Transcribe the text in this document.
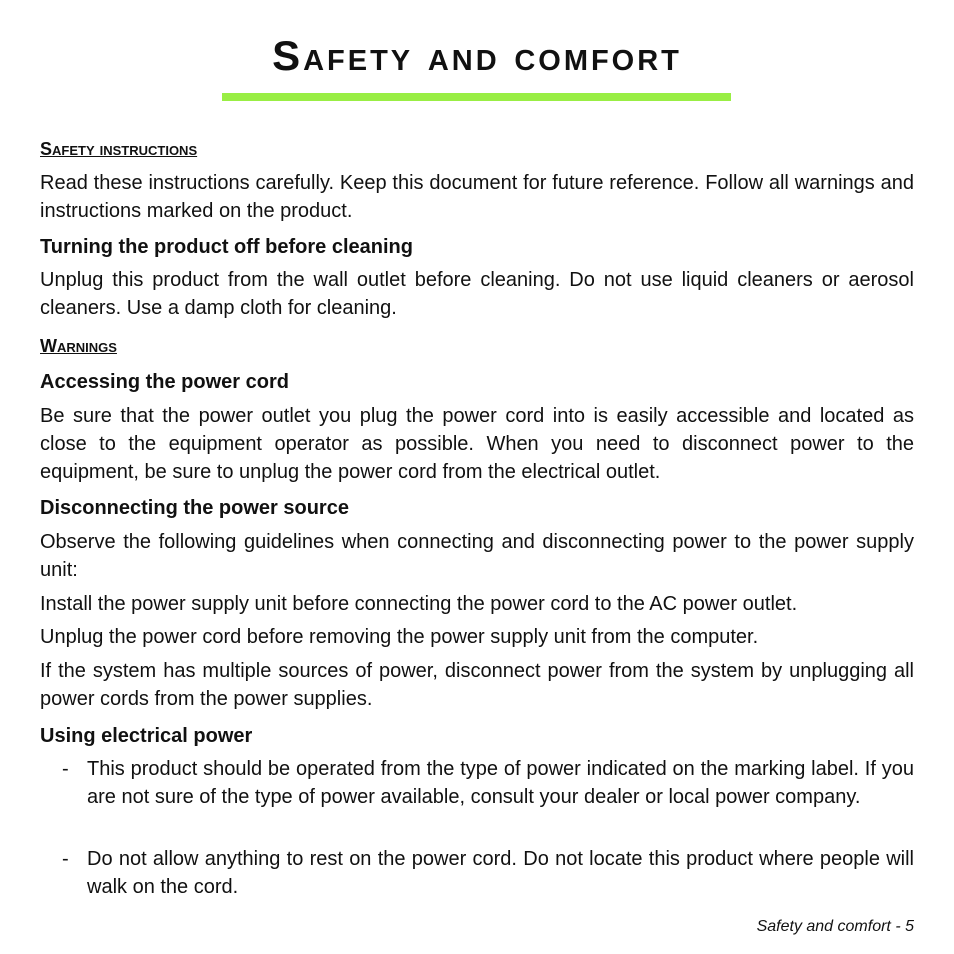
Safety and comfort
Safety instructions

Read these instructions carefully. Keep this document for future reference. Follow all warnings and instructions marked on the product.

Turning the product off before cleaning

Unplug this product from the wall outlet before cleaning. Do not use liquid cleaners or aerosol cleaners. Use a damp cloth for cleaning.

Warnings
Accessing the power cord

Be sure that the power outlet you plug the power cord into is easily accessible and located as close to the equipment operator as possible. When you need to disconnect power to the equipment, be sure to unplug the power cord from the electrical outlet.

Disconnecting the power source

Observe the following guidelines when connecting and disconnecting power to the power supply unit:

Install the power supply unit before connecting the power cord to the AC power outlet.

Unplug the power cord before removing the power supply unit from the computer.

If the system has multiple sources of power, disconnect power from the system by unplugging all power cords from the power supplies.

Using electrical power
- This product should be operated from the type of power indicated on the marking label. If you are not sure of the type of power available, consult your dealer or local power company.
- Do not allow anything to rest on the power cord. Do not locate this product where people will walk on the cord.
Safety and comfort - 5
